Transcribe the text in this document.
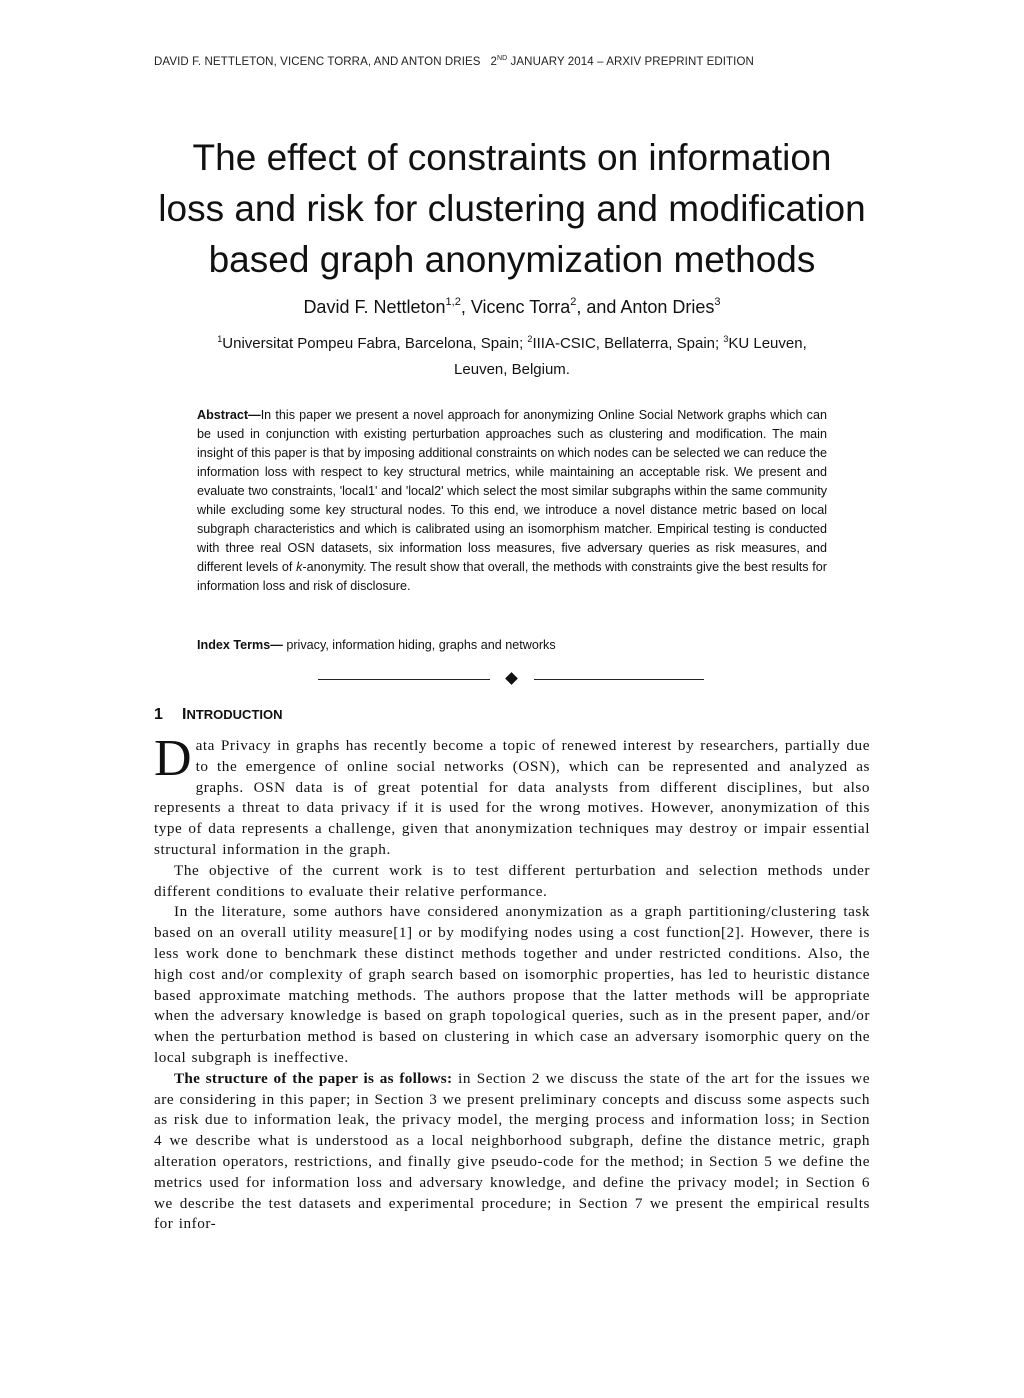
DAVID F. NETTLETON, VICENC TORRA, AND ANTON DRIES 2ND JANUARY 2014 – ARXIV PREPRINT EDITION
The effect of constraints on information
loss and risk for clustering and modification
based graph anonymization methods
David F. Nettleton$^{1,2}$, Vicenc Torra$^2$, and Anton Dries$^3$
$^1$Universitat Pompeu Fabra, Barcelona, Spain; $^2$IIIA-CSIC, Bellaterra, Spain; $^3$KU Leuven,
Leuven, Belgium.
Abstract—In this paper we present a novel approach for anonymizing Online Social Network graphs which can be used in conjunction with existing perturbation approaches such as clustering and modification. The main insight of this paper is that by imposing additional constraints on which nodes can be selected we can reduce the information loss with respect to key structural metrics, while maintaining an acceptable risk. We present and evaluate two constraints, 'local1' and 'local2' which select the most similar subgraphs within the same community while excluding some key structural nodes. To this end, we introduce a novel distance metric based on local subgraph characteristics and which is calibrated using an isomorphism matcher. Empirical testing is conducted with three real OSN datasets, six information loss measures, five adversary queries as risk measures, and different levels of k-anonymity. The result show that overall, the methods with constraints give the best results for information loss and risk of disclosure.
Index Terms— privacy, information hiding, graphs and networks
1 INTRODUCTION

Data Privacy in graphs has recently become a topic of renewed interest by researchers, partially due to the emergence of online social networks (OSN), which can be represented and analyzed as graphs. OSN data is of great potential for data analysts from different disciplines, but also represents a threat to data privacy if it is used for the wrong motives. However, anonymization of this type of data represents a challenge, given that anonymization techniques may destroy or impair essential structural information in the graph.

The objective of the current work is to test different perturbation and selection methods under different conditions to evaluate their relative performance.

In the literature, some authors have considered anonymization as a graph partitioning/clustering task based on an overall utility measure[1] or by modifying nodes using a cost function[2]. However, there is less work done to benchmark these distinct methods together and under restricted conditions. Also, the high cost and/or complexity of graph search based on isomorphic properties, has led to heuristic distance based approximate matching methods. The authors propose that the latter methods will be appropriate when the adversary knowledge is based on graph topological queries, such as in the present paper, and/or when the perturbation method is based on clustering in which case an adversary isomorphic query on the local subgraph is ineffective.

The structure of the paper is as follows: in Section 2 we discuss the state of the art for the issues we are considering in this paper; in Section 3 we present preliminary concepts and discuss some aspects such as risk due to information leak, the privacy model, the merging process and information loss; in Section 4 we describe what is understood as a local neighborhood subgraph, define the distance metric, graph alteration operators, restrictions, and finally give pseudo-code for the method; in Section 5 we define the metrics used for information loss and adversary knowledge, and define the privacy model; in Section 6 we describe the test datasets and experimental procedure; in Section 7 we present the empirical results for infor-
